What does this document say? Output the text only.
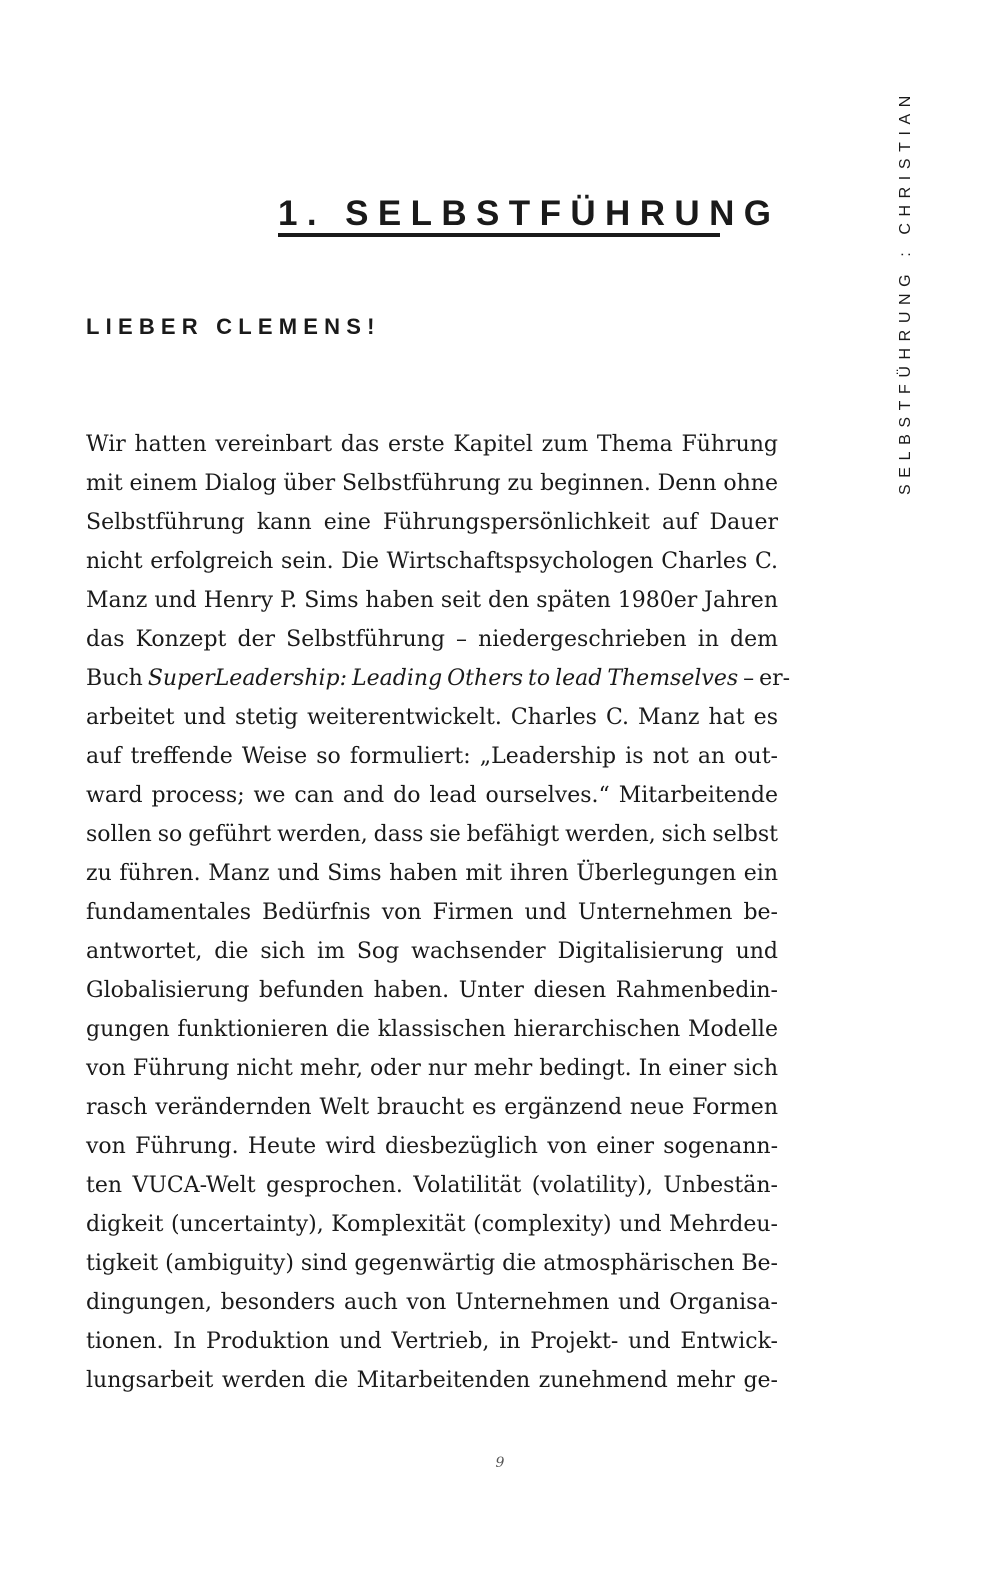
1. SELBSTFÜHRUNG
LIEBER CLEMENS!
Wir hatten vereinbart das erste Kapitel zum Thema Führung
mit einem Dialog über Selbstführung zu beginnen. Denn ohne
Selbstführung kann eine Führungspersönlichkeit auf Dauer
nicht erfolgreich sein. Die Wirtschaftspsychologen Charles C.
Manz und Henry P. Sims haben seit den späten 1980er Jahren
das Konzept der Selbstführung – niedergeschrieben in dem
Buch SuperLeadership: Leading Others to lead Themselves – er-
arbeitet und stetig weiterentwickelt. Charles C. Manz hat es
auf treffende Weise so formuliert: „Leadership is not an out-
ward process; we can and do lead ourselves.“ Mitarbeitende
sollen so geführt werden, dass sie befähigt werden, sich selbst
zu führen. Manz und Sims haben mit ihren Überlegungen ein
fundamentales Bedürfnis von Firmen und Unternehmen be-
antwortet, die sich im Sog wachsender Digitalisierung und
Globalisierung befunden haben. Unter diesen Rahmenbedin-
gungen funktionieren die klassischen hierarchischen Modelle
von Führung nicht mehr, oder nur mehr bedingt. In einer sich
rasch verändernden Welt braucht es ergänzend neue Formen
von Führung. Heute wird diesbezüglich von einer sogenann-
ten VUCA-Welt gesprochen. Volatilität (volatility), Unbestän-
digkeit (uncertainty), Komplexität (complexity) und Mehrdeu-
tigkeit (ambiguity) sind gegenwärtig die atmosphärischen Be-
dingungen, besonders auch von Unternehmen und Organisa-
tionen. In Produktion und Vertrieb, in Projekt- und Entwick-
lungsarbeit werden die Mitarbeitenden zunehmend mehr ge-
9
SELBSTFÜHRUNG : CHRISTIAN
